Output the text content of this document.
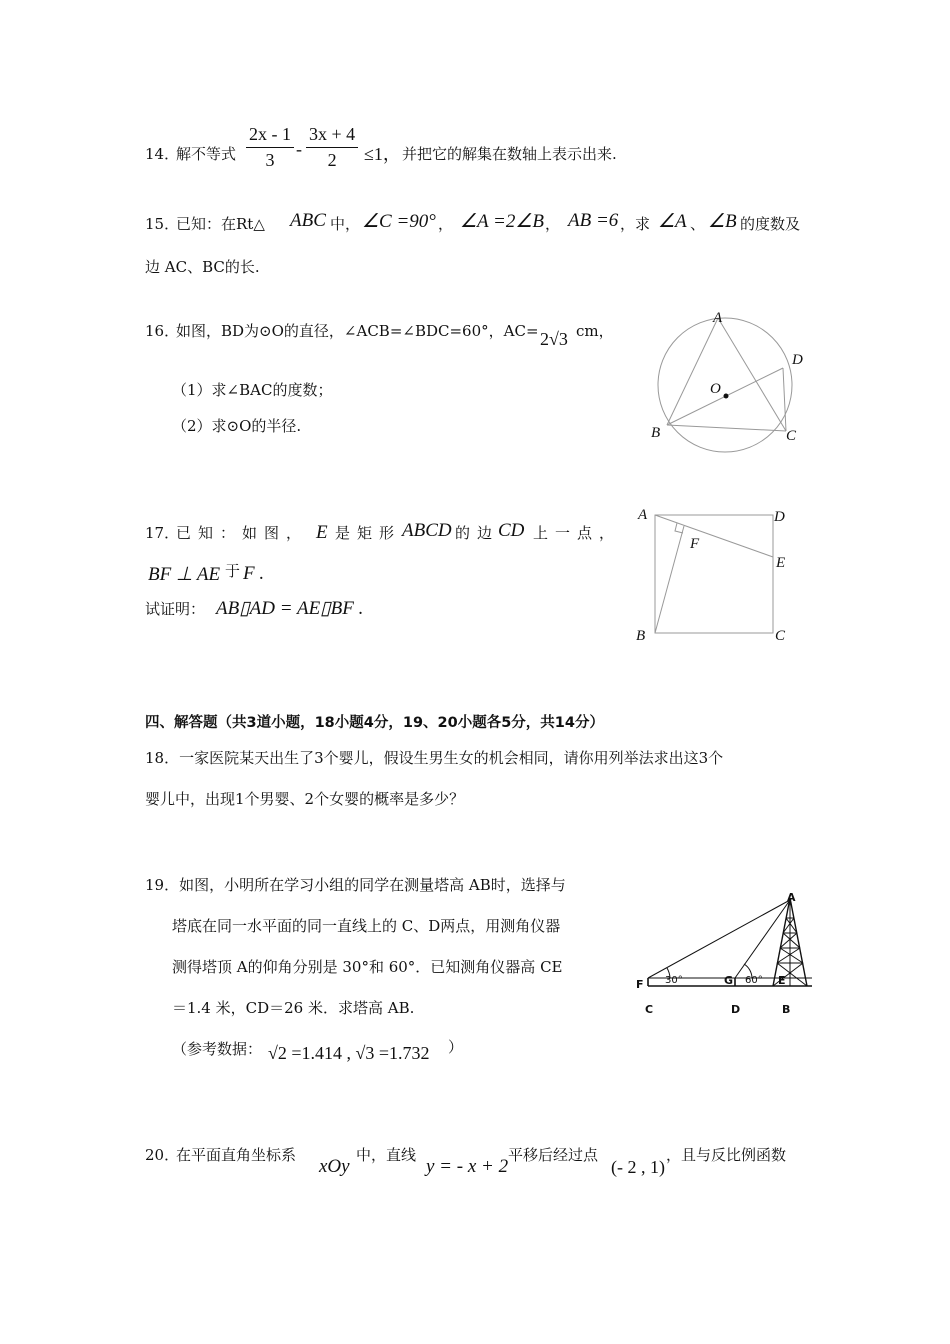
14．
解不等式 $\frac{2x - 1}{3} - \frac{3x + 4}{2} \le 1$， 并把它的解集在数轴上表示出来.
15．
已知：在Rt△ ABC 中， ∠C =90° ， ∠A =2∠B ， AB =6 ，求 ∠A 、 ∠B 的度数及
边 AC、BC的长.
16．
如图，BD为⊙O的直径，∠ACB=∠BDC=60°，AC= 2√3 cm，
（1）求∠BAC的度数；
（2）求⊙O的半径.
A
D
O
B	C
17．
已知：如图， E 是矩形 ABCD 的边
CD 上一点，
BF ⊥ AE 于 F .
试证明： AB▯AD = AE▯BF .
A	D
F
E
B	C
四、解答题（共3道小题，18小题4分，19、20小题各5分，共14分）
18．一家医院某天出生了3个婴儿，假设生男生女的机会相同，请你用列举法求出这3个
婴儿中，出现1个男婴、2个女婴的概率是多少？
19．如图，小明所在学习小组的同学在测量塔高 AB时，选择与
塔底在同一水平面的同一直线上的 C、D两点，用测角仪器
测得塔顶 A的仰角分别是 30°和 60°．已知测角仪器高 CE
＝1.4 米，CD＝26 米．求塔高 AB.
（参考数据： √2 =1.414 , √3 =1.732 ）
30°	60°
A
F	G	E
C	D	B
20．
在平面直角坐标系
xOy
中，直线
y = - x + 2
平移后经过点
(- 2 , 1)
，且与反比例函数
